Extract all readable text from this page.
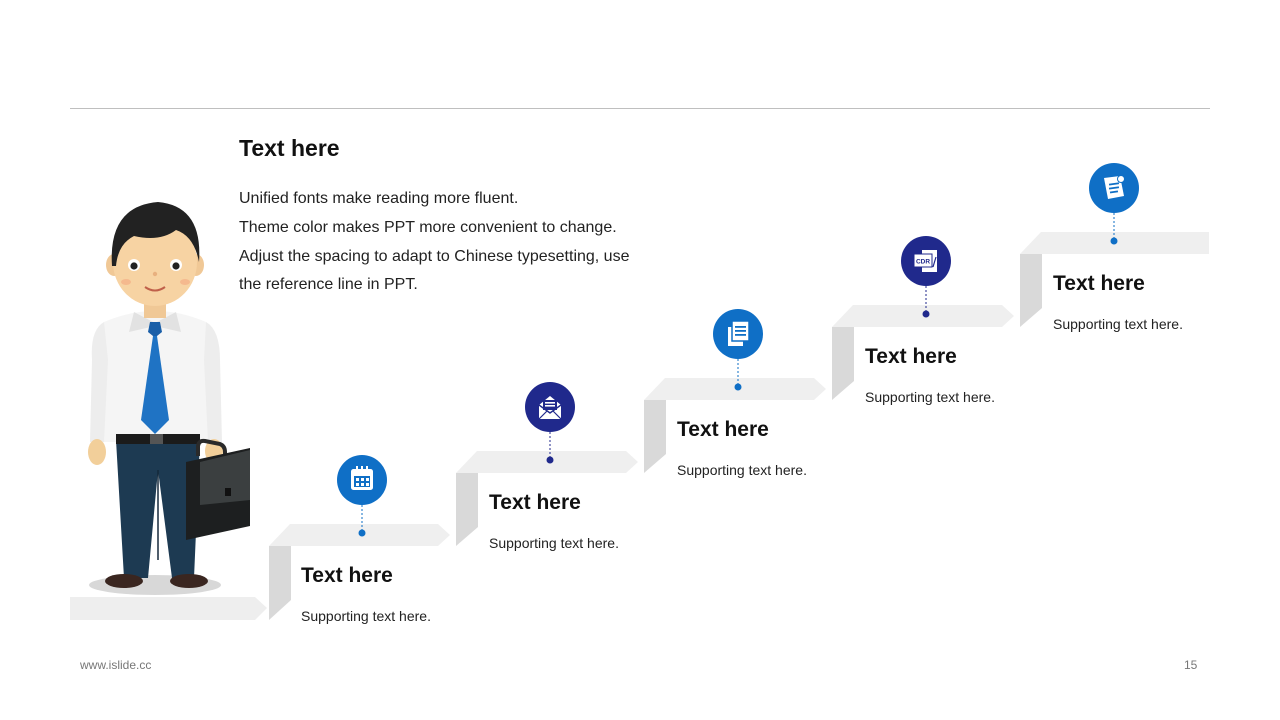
Text here
Unified fonts make reading more fluent.
Theme color makes PPT more convenient to change.
Adjust the spacing to adapt to Chinese typesetting, use
the reference line in PPT.
CDR
Text here
Supporting text here.
Text here
Supporting text here.
Text here
Supporting text here.
Text here
Supporting text here.
Text here
Supporting text here.
www.islide.cc	15
